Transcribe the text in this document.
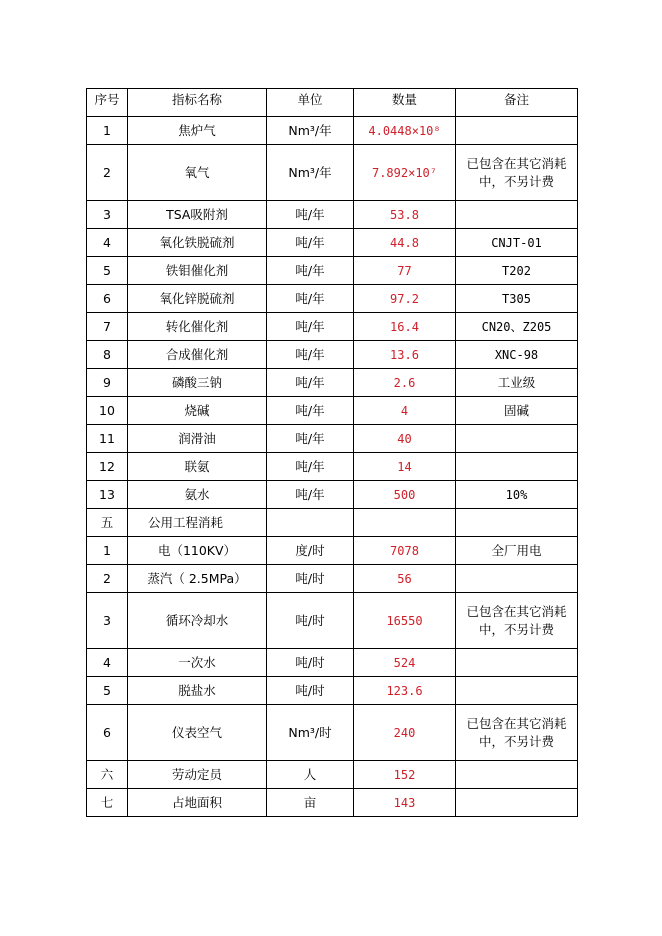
序号	指标名称	单位	数量	备注
1	焦炉气	Nm³/年	4.0448×10⁸	
2	氧气	Nm³/年	7.892×10⁷	已包含在其它消耗中，不另计费
3	TSA吸附剂	吨/年	53.8	
4	氧化铁脱硫剂	吨/年	44.8	CNJT-01
5	铁钼催化剂	吨/年	77	T202
6	氧化锌脱硫剂	吨/年	97.2	T305
7	转化催化剂	吨/年	16.4	CN20、Z205
8	合成催化剂	吨/年	13.6	XNC-98
9	磷酸三钠	吨/年	2.6	工业级
10	烧碱	吨/年	4	固碱
11	润滑油	吨/年	40	
12	联氨	吨/年	14	
13	氨水	吨/年	500	10%
五	公用工程消耗			
1	电（110KV）	度/时	7078	全厂用电
2	蒸汽（ 2.5MPa）	吨/时	56	
3	循环冷却水	吨/时	16550	已包含在其它消耗中，不另计费
4	一次水	吨/时	524	
5	脱盐水	吨/时	123.6	
6	仪表空气	Nm³/时	240	已包含在其它消耗中，不另计费
六	劳动定员	人	152	
七	占地面积	亩	143	
